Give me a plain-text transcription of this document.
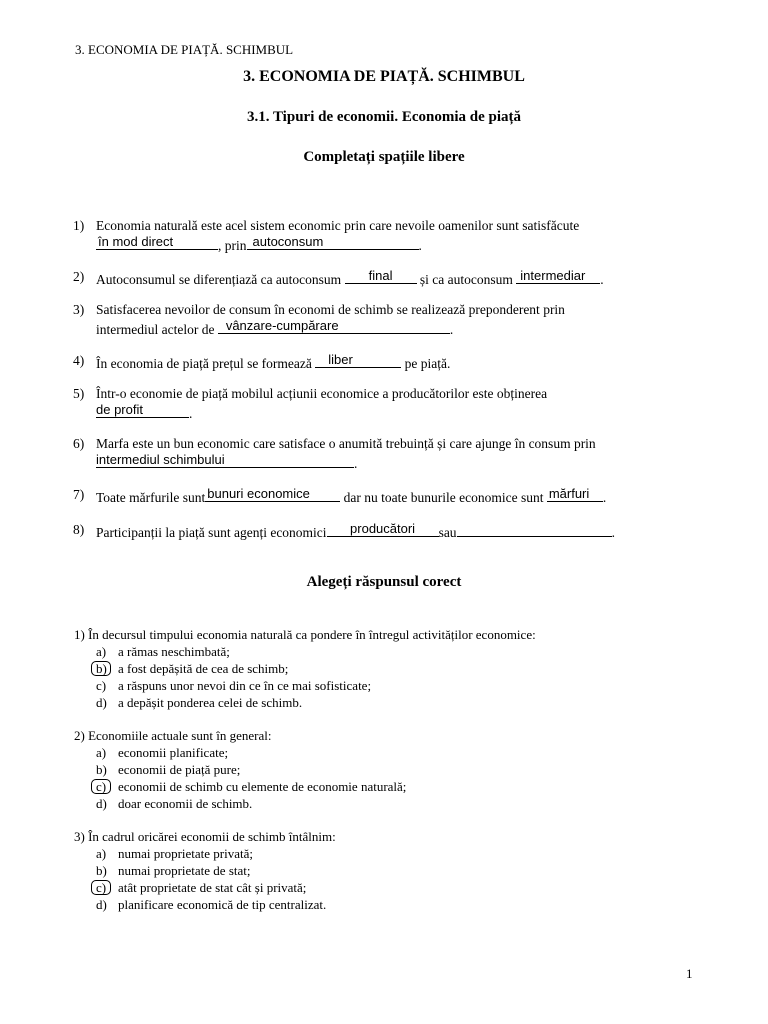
3. ECONOMIA DE PIAȚĂ. SCHIMBUL
3. ECONOMIA DE PIAȚĂ. SCHIMBUL
3.1. Tipuri de economii. Economia de piață
Completați spațiile libere
1) Economia naturală este acel sistem economic prin care nevoile oamenilor sunt satisfăcute
în mod direct	, prin autoconsum	.
2) Autoconsumul se diferențiază ca autoconsum	final	și ca autoconsum intermediar .
3) Satisfacerea nevoilor de consum în economi de schimb se realizează preponderent prin
intermediul actelor de vânzare-cumpărare	.
4) În economia de piață prețul se formează liber	pe piață.
5) Într-o economie de piață mobilul acțiunii economice a producătorilor este obținerea
de profit	.
6) Marfa este un bun economic care satisface o anumită trebuință și care ajunge în consum prin
intermediul schimbului	.
7) Toate mărfurile sunt bunuri economice dar nu toate bunurile economice sunt mărfuri .
8) Participanții la piață sunt agenți economici	producători	sau	.
Alegeți răspunsul corect
1) În decursul timpului economia naturală ca pondere în întregul activităților economice:
a) a rămas neschimbată;
b) a fost depășită de cea de schimb;
c) a răspuns unor nevoi din ce în ce mai sofisticate;
d) a depășit ponderea celei de schimb.
2) Economiile actuale sunt în general:
a) economii planificate;
b) economii de piață pure;
c) economii de schimb cu elemente de economie naturală;
d) doar economii de schimb.
3) În cadrul oricărei economii de schimb întâlnim:
a) numai proprietate privată;
b) numai proprietate de stat;
c) atât proprietate de stat cât și privată;
d) planificare economică de tip centralizat.
1
